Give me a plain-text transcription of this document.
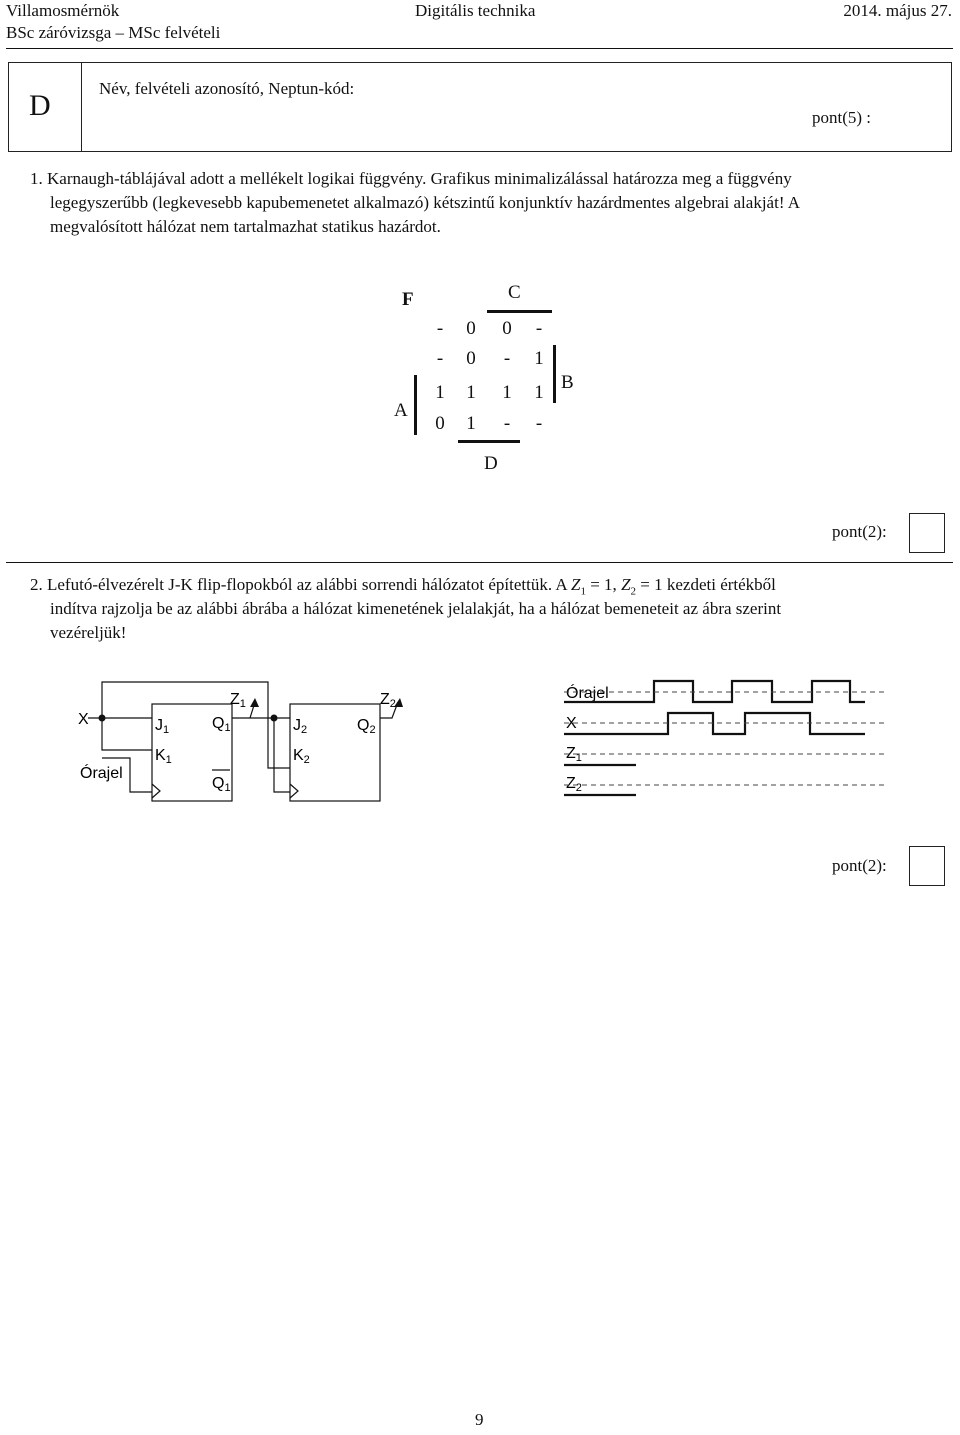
Villamosmérnök
BSc záróvizsga – MSc felvételi
Digitális technika	2014. május 27.
D
Név, felvételi azonosító, Neptun-kód:
pont(5) :
1. Karnaugh-táblájával adott a mellékelt logikai függvény. Grafikus minimalizálással határozza meg a függvény
legegyszerűbb (legkevesebb kapubemenetet alkalmazó) kétszintű konjunktív hazárdmentes algebrai alakját! A
megvalósított hálózat nem tartalmazhat statikus hazárdot.
F	C
B
A
D
-	0	0	-
-	0	-	1
1	1	1	1
0	1	-	-
pont(2):
2. Lefutó-élvezérelt J-K flip-flopokból az alábbi sorrendi hálózatot építettük. A $Z_1 = 1$, $Z_2 = 1$ kezdeti értékből
indítva rajzolja be az alábbi ábrába a hálózat kimenetének jelalakját, ha a hálózat bemeneteit az ábra szerint
vezéreljük!
X
Órajel
J1
K1
Q1
Q1
J2
K2
Q2
Z1	Z2
Órajel
X
Z1
Z2
pont(2):
9
